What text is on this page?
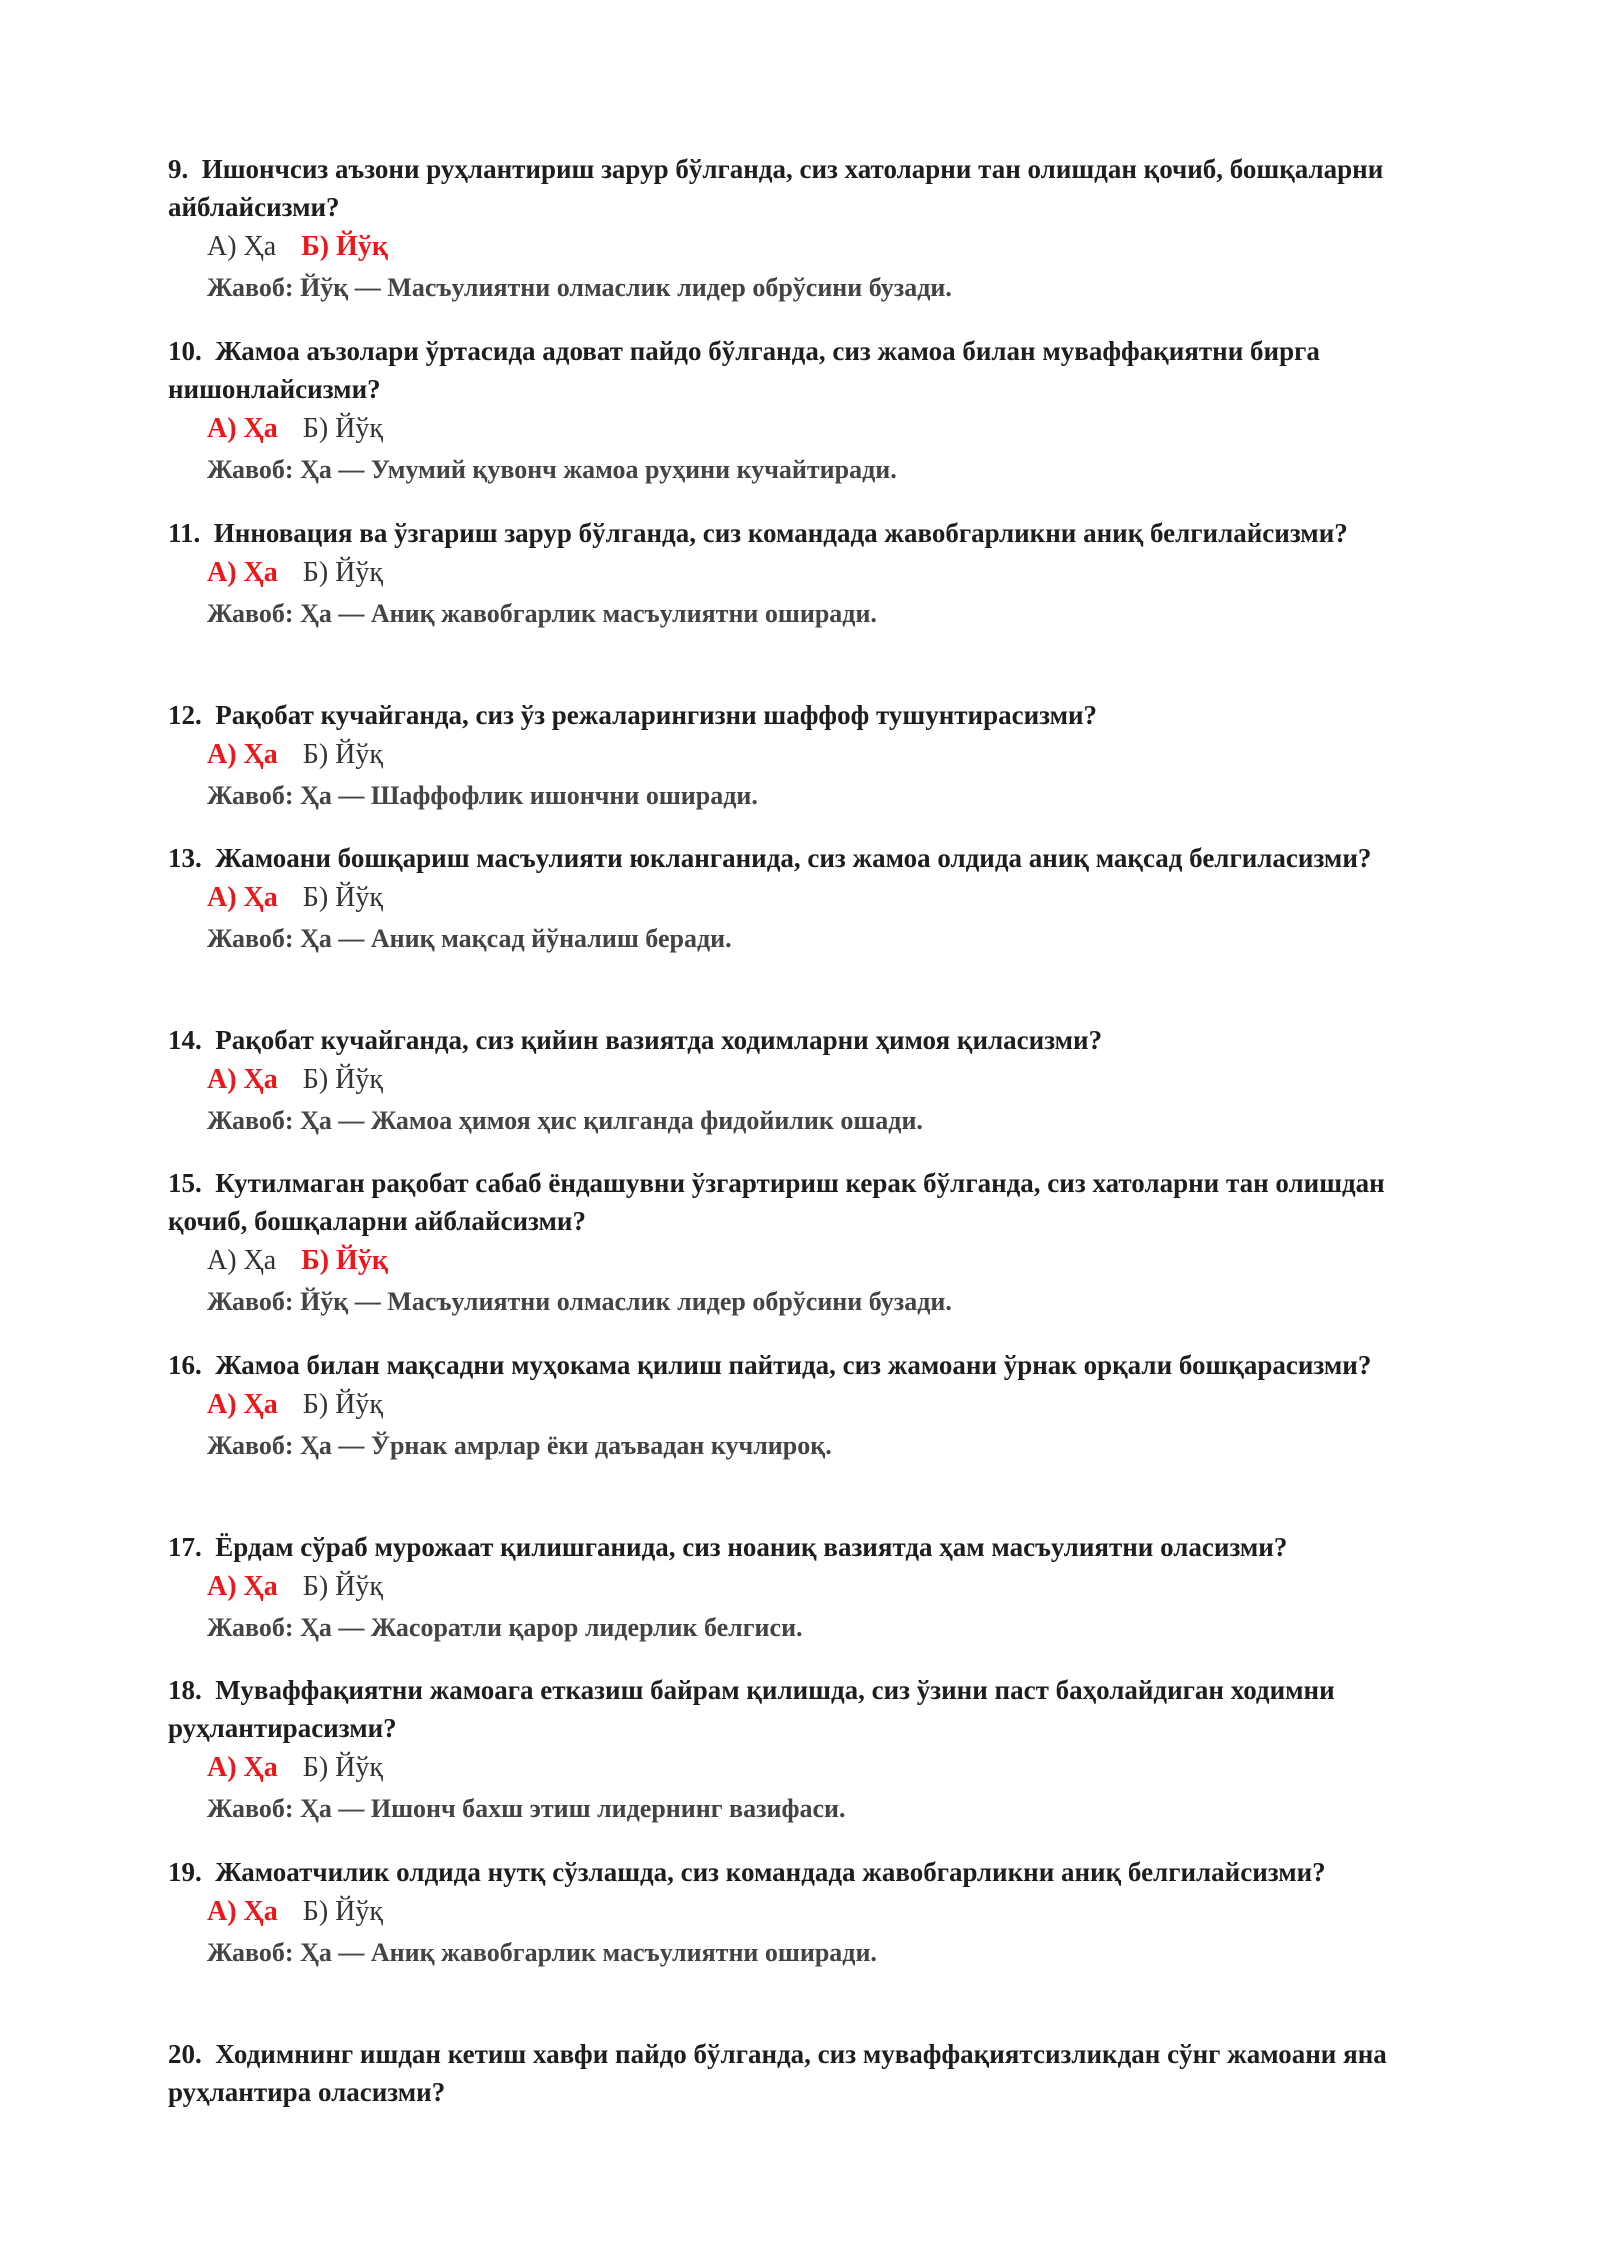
9. Ишончсиз аъзони руҳлантириш зарур бўлганда, сиз хатоларни тан олишдан қочиб, бошқаларни айблайсизми?

А) Ҳа Б) Йўқ
Жавоб: Йўқ — Масъулиятни олмаслик лидер обрўсини бузади.

10. Жамоа аъзолари ўртасида адоват пайдо бўлганда, сиз жамоа билан муваффақиятни бирга нишонлайсизми?

А) Ҳа Б) Йўқ
Жавоб: Ҳа — Умумий қувонч жамоа руҳини кучайтиради.

11. Инновация ва ўзгариш зарур бўлганда, сиз командада жавобгарликни аниқ белгилайсизми?

А) Ҳа Б) Йўқ
Жавоб: Ҳа — Аниқ жавобгарлик масъулиятни оширади.

12. Рақобат кучайганда, сиз ўз режаларингизни шаффоф тушунтирасизми?

А) Ҳа Б) Йўқ
Жавоб: Ҳа — Шаффофлик ишончни оширади.

13. Жамоани бошқариш масъулияти юкланганида, сиз жамоа олдида аниқ мақсад белгиласизми?

А) Ҳа Б) Йўқ
Жавоб: Ҳа — Аниқ мақсад йўналиш беради.

14. Рақобат кучайганда, сиз қийин вазиятда ходимларни ҳимоя қиласизми?

А) Ҳа Б) Йўқ
Жавоб: Ҳа — Жамоа ҳимоя ҳис қилганда фидойилик ошади.

15. Кутилмаган рақобат сабаб ёндашувни ўзгартириш керак бўлганда, сиз хатоларни тан олишдан қочиб, бошқаларни айблайсизми?

А) Ҳа Б) Йўқ
Жавоб: Йўқ — Масъулиятни олмаслик лидер обрўсини бузади.

16. Жамоа билан мақсадни муҳокама қилиш пайтида, сиз жамоани ўрнак орқали бошқарасизми?

А) Ҳа Б) Йўқ
Жавоб: Ҳа — Ўрнак амрлар ёки даъвадан кучлироқ.

17. Ёрдам сўраб мурожаат қилишганида, сиз ноаниқ вазиятда ҳам масъулиятни оласизми?

А) Ҳа Б) Йўқ
Жавоб: Ҳа — Жасоратли қарор лидерлик белгиси.

18. Муваффақиятни жамоага етказиш байрам қилишда, сиз ўзини паст баҳолайдиган ходимни руҳлантирасизми?

А) Ҳа Б) Йўқ
Жавоб: Ҳа — Ишонч бахш этиш лидернинг вазифаси.

19. Жамоатчилик олдида нутқ сўзлашда, сиз командада жавобгарликни аниқ белгилайсизми?

А) Ҳа Б) Йўқ
Жавоб: Ҳа — Аниқ жавобгарлик масъулиятни оширади.

20. Ходимнинг ишдан кетиш хавфи пайдо бўлганда, сиз муваффақиятсизликдан сўнг жамоани яна руҳлантира оласизми?
